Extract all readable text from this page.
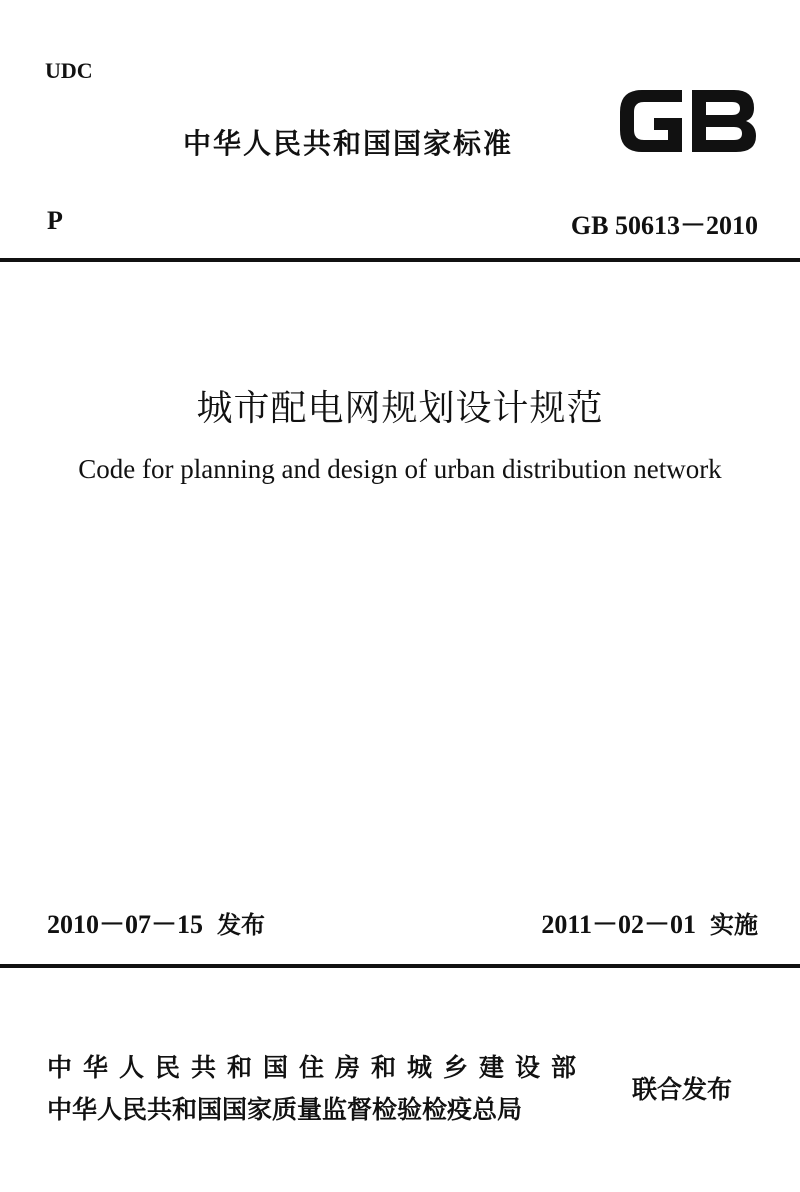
UDC
中华人民共和国国家标准
P	GB 50613－2010
城市配电网规划设计规范
Code for planning and design of urban distribution network
2010－07－15 发布	2011－02－01 实施
中华人民共和国住房和城乡建设部
中华人民共和国国家质量监督检验检疫总局
联合发布
